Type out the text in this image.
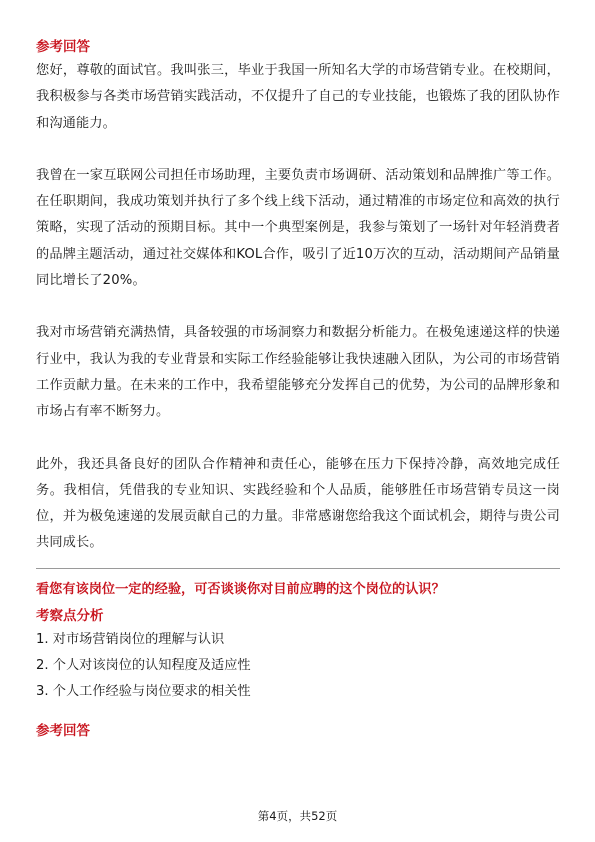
参考回答

您好，尊敬的面试官。我叫张三，毕业于我国一所知名大学的市场营销专业。在校期间，我积极参与各类市场营销实践活动，不仅提升了自己的专业技能，也锻炼了我的团队协作和沟通能力。

我曾在一家互联网公司担任市场助理，主要负责市场调研、活动策划和品牌推广等工作。在任职期间，我成功策划并执行了多个线上线下活动，通过精准的市场定位和高效的执行策略，实现了活动的预期目标。其中一个典型案例是，我参与策划了一场针对年轻消费者的品牌主题活动，通过社交媒体和KOL合作，吸引了近10万次的互动，活动期间产品销量同比增长了20%。

我对市场营销充满热情，具备较强的市场洞察力和数据分析能力。在极兔速递这样的快递行业中，我认为我的专业背景和实际工作经验能够让我快速融入团队，为公司的市场营销工作贡献力量。在未来的工作中，我希望能够充分发挥自己的优势，为公司的品牌形象和市场占有率不断努力。

此外，我还具备良好的团队合作精神和责任心，能够在压力下保持冷静，高效地完成任务。我相信，凭借我的专业知识、实践经验和个人品质，能够胜任市场营销专员这一岗位，并为极兔速递的发展贡献自己的力量。非常感谢您给我这个面试机会，期待与贵公司共同成长。

看您有该岗位一定的经验，可否谈谈你对目前应聘的这个岗位的认识？

考察点分析

1. 对市场营销岗位的理解与认识

2. 个人对该岗位的认知程度及适应性

3. 个人工作经验与岗位要求的相关性

参考回答

第4页，共52页
